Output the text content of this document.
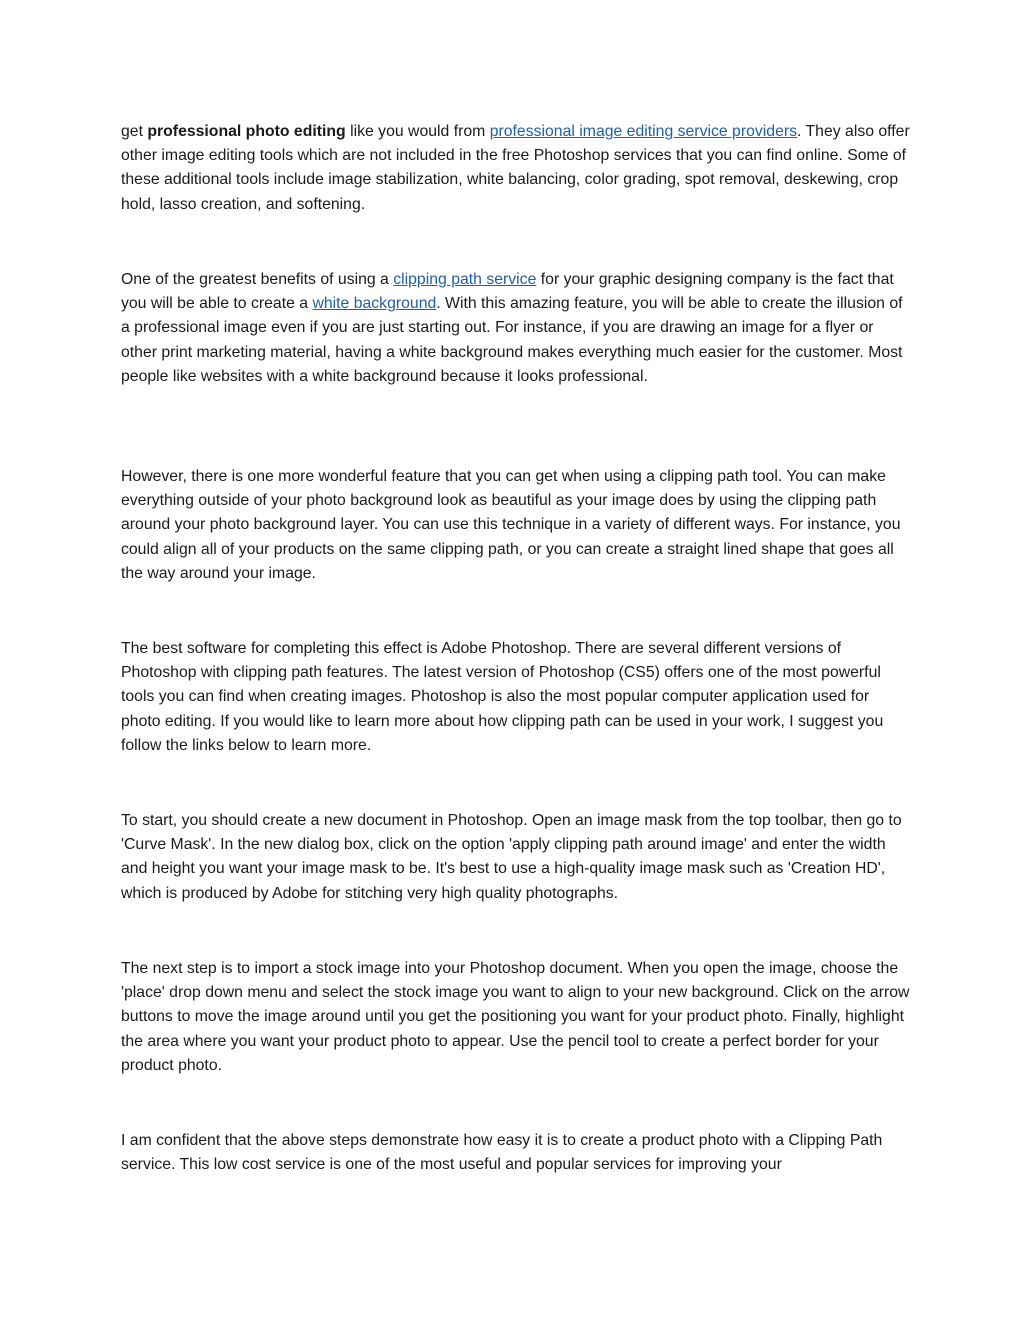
get professional photo editing like you would from professional image editing service providers. They also offer other image editing tools which are not included in the free Photoshop services that you can find online. Some of these additional tools include image stabilization, white balancing, color grading, spot removal, deskewing, crop hold, lasso creation, and softening.

One of the greatest benefits of using a clipping path service for your graphic designing company is the fact that you will be able to create a white background. With this amazing feature, you will be able to create the illusion of a professional image even if you are just starting out. For instance, if you are drawing an image for a flyer or other print marketing material, having a white background makes everything much easier for the customer. Most people like websites with a white background because it looks professional.

However, there is one more wonderful feature that you can get when using a clipping path tool. You can make everything outside of your photo background look as beautiful as your image does by using the clipping path around your photo background layer. You can use this technique in a variety of different ways. For instance, you could align all of your products on the same clipping path, or you can create a straight lined shape that goes all the way around your image.

The best software for completing this effect is Adobe Photoshop. There are several different versions of Photoshop with clipping path features. The latest version of Photoshop (CS5) offers one of the most powerful tools you can find when creating images. Photoshop is also the most popular computer application used for photo editing. If you would like to learn more about how clipping path can be used in your work, I suggest you follow the links below to learn more.

To start, you should create a new document in Photoshop. Open an image mask from the top toolbar, then go to 'Curve Mask'. In the new dialog box, click on the option 'apply clipping path around image' and enter the width and height you want your image mask to be. It's best to use a high-quality image mask such as 'Creation HD', which is produced by Adobe for stitching very high quality photographs.

The next step is to import a stock image into your Photoshop document. When you open the image, choose the 'place' drop down menu and select the stock image you want to align to your new background. Click on the arrow buttons to move the image around until you get the positioning you want for your product photo. Finally, highlight the area where you want your product photo to appear. Use the pencil tool to create a perfect border for your product photo.

I am confident that the above steps demonstrate how easy it is to create a product photo with a Clipping Path service. This low cost service is one of the most useful and popular services for improving your
